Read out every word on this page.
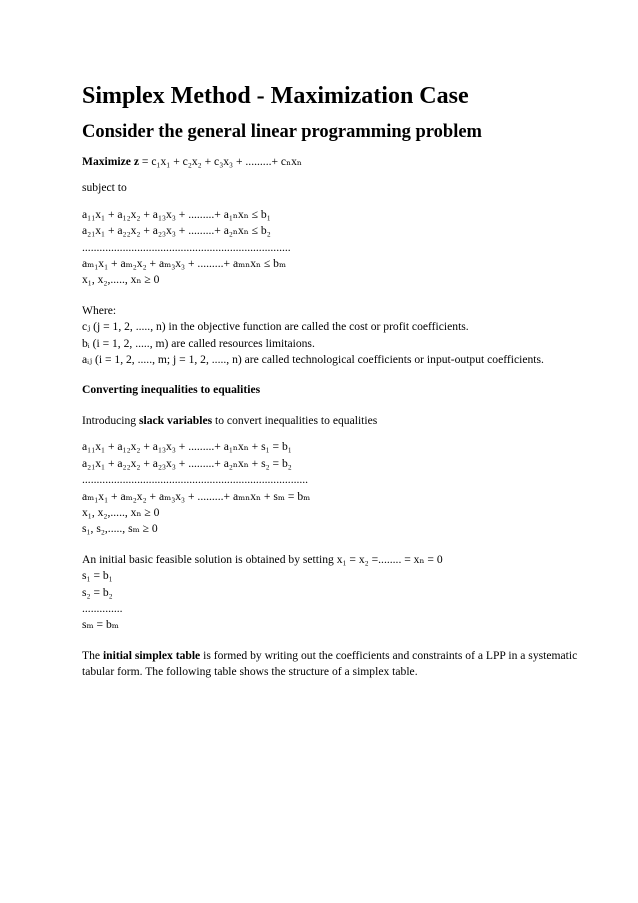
Simplex Method - Maximization Case
Consider the general linear programming problem
Maximize z = c₁x₁ + c₂x₂ + c₃x₃ + .........+ cₙxₙ
subject to
a₁₁x₁ + a₁₂x₂ + a₁₃x₃ + .........+ a₁ₙxₙ ≤ b₁
a₂₁x₁ + a₂₂x₂ + a₂₃x₃ + .........+ a₂ₙxₙ ≤ b₂
........................................................................
aₘ₁x₁ + aₘ₂x₂ + aₘ₃x₃ + .........+ aₘₙxₙ ≤ bₘ
x₁, x₂,....., xₙ ≥ 0
Where:
cⱼ (j = 1, 2, ....., n) in the objective function are called the cost or profit coefficients.
bᵢ (i = 1, 2, ....., m) are called resources limitaions.
aᵢⱼ (i = 1, 2, ....., m; j = 1, 2, ....., n) are called technological coefficients or input-output coefficients.
Converting inequalities to equalities
Introducing slack variables to convert inequalities to equalities
a₁₁x₁ + a₁₂x₂ + a₁₃x₃ + .........+ a₁ₙxₙ + s₁ = b₁
a₂₁x₁ + a₂₂x₂ + a₂₃x₃ + .........+ a₂ₙxₙ + s₂ = b₂
..............................................................................
aₘ₁x₁ + aₘ₂x₂ + aₘ₃x₃ + .........+ aₘₙxₙ + sₘ = bₘ
x₁, x₂,....., xₙ ≥ 0
s₁, s₂,....., sₘ ≥ 0
An initial basic feasible solution is obtained by setting x₁ = x₂ =........ = xₙ = 0
s₁ = b₁
s₂ = b₂
..............
sₘ = bₘ
The initial simplex table is formed by writing out the coefficients and constraints of a LPP in a systematic
tabular form. The following table shows the structure of a simplex table.
